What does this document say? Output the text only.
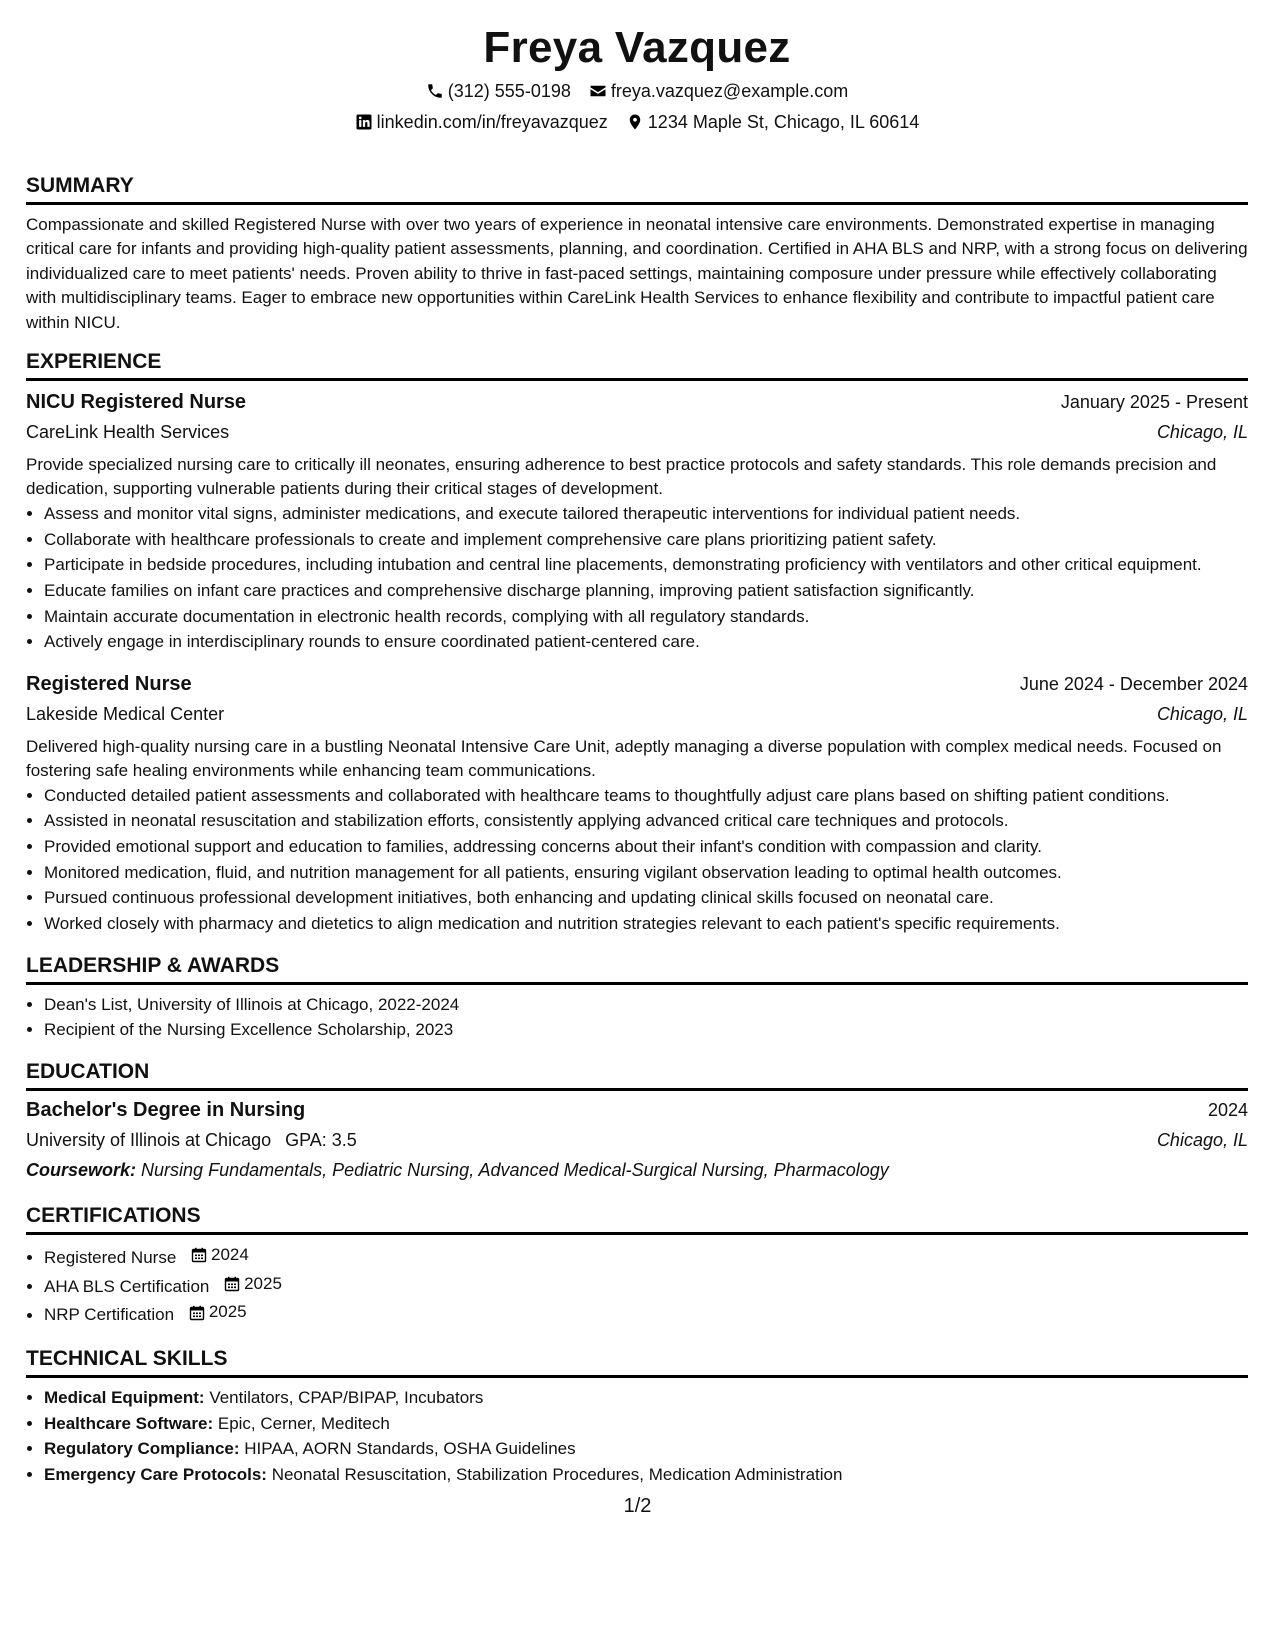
Freya Vazquez
(312) 555-0198 freya.vazquez@example.com
linkedin.com/in/freyavazquez 1234 Maple St, Chicago, IL 60614
SUMMARY

Compassionate and skilled Registered Nurse with over two years of experience in neonatal intensive care environments. Demonstrated expertise in managing critical care for infants and providing high-quality patient assessments, planning, and coordination. Certified in AHA BLS and NRP, with a strong focus on delivering individualized care to meet patients' needs. Proven ability to thrive in fast-paced settings, maintaining composure under pressure while effectively collaborating with multidisciplinary teams. Eager to embrace new opportunities within CareLink Health Services to enhance flexibility and contribute to impactful patient care within NICU.

EXPERIENCE
NICU Registered Nurse	January 2025 - Present
CareLink Health Services	Chicago, IL

Provide specialized nursing care to critically ill neonates, ensuring adherence to best practice protocols and safety standards. This role demands precision and dedication, supporting vulnerable patients during their critical stages of development.

• Assess and monitor vital signs, administer medications, and execute tailored therapeutic interventions for individual patient needs.
• Collaborate with healthcare professionals to create and implement comprehensive care plans prioritizing patient safety.
• Participate in bedside procedures, including intubation and central line placements, demonstrating proficiency with ventilators and other critical equipment.
• Educate families on infant care practices and comprehensive discharge planning, improving patient satisfaction significantly.
• Maintain accurate documentation in electronic health records, complying with all regulatory standards.
• Actively engage in interdisciplinary rounds to ensure coordinated patient-centered care.
Registered Nurse	June 2024 - December 2024
Lakeside Medical Center	Chicago, IL

Delivered high-quality nursing care in a bustling Neonatal Intensive Care Unit, adeptly managing a diverse population with complex medical needs. Focused on fostering safe healing environments while enhancing team communications.

• Conducted detailed patient assessments and collaborated with healthcare teams to thoughtfully adjust care plans based on shifting patient conditions.
• Assisted in neonatal resuscitation and stabilization efforts, consistently applying advanced critical care techniques and protocols.
• Provided emotional support and education to families, addressing concerns about their infant's condition with compassion and clarity.
• Monitored medication, fluid, and nutrition management for all patients, ensuring vigilant observation leading to optimal health outcomes.
• Pursued continuous professional development initiatives, both enhancing and updating clinical skills focused on neonatal care.
• Worked closely with pharmacy and dietetics to align medication and nutrition strategies relevant to each patient's specific requirements.
LEADERSHIP & AWARDS
• Dean's List, University of Illinois at Chicago, 2022-2024
• Recipient of the Nursing Excellence Scholarship, 2023
EDUCATION
Bachelor's Degree in Nursing	2024
University of Illinois at Chicago GPA: 3.5	Chicago, IL
Coursework: Nursing Fundamentals, Pediatric Nursing, Advanced Medical-Surgical Nursing, Pharmacology
CERTIFICATIONS
• Registered Nurse 2024
• AHA BLS Certification 2025
• NRP Certification 2025
TECHNICAL SKILLS
• Medical Equipment: Ventilators, CPAP/BIPAP, Incubators
• Healthcare Software: Epic, Cerner, Meditech
• Regulatory Compliance: HIPAA, AORN Standards, OSHA Guidelines
• Emergency Care Protocols: Neonatal Resuscitation, Stabilization Procedures, Medication Administration
1/2
